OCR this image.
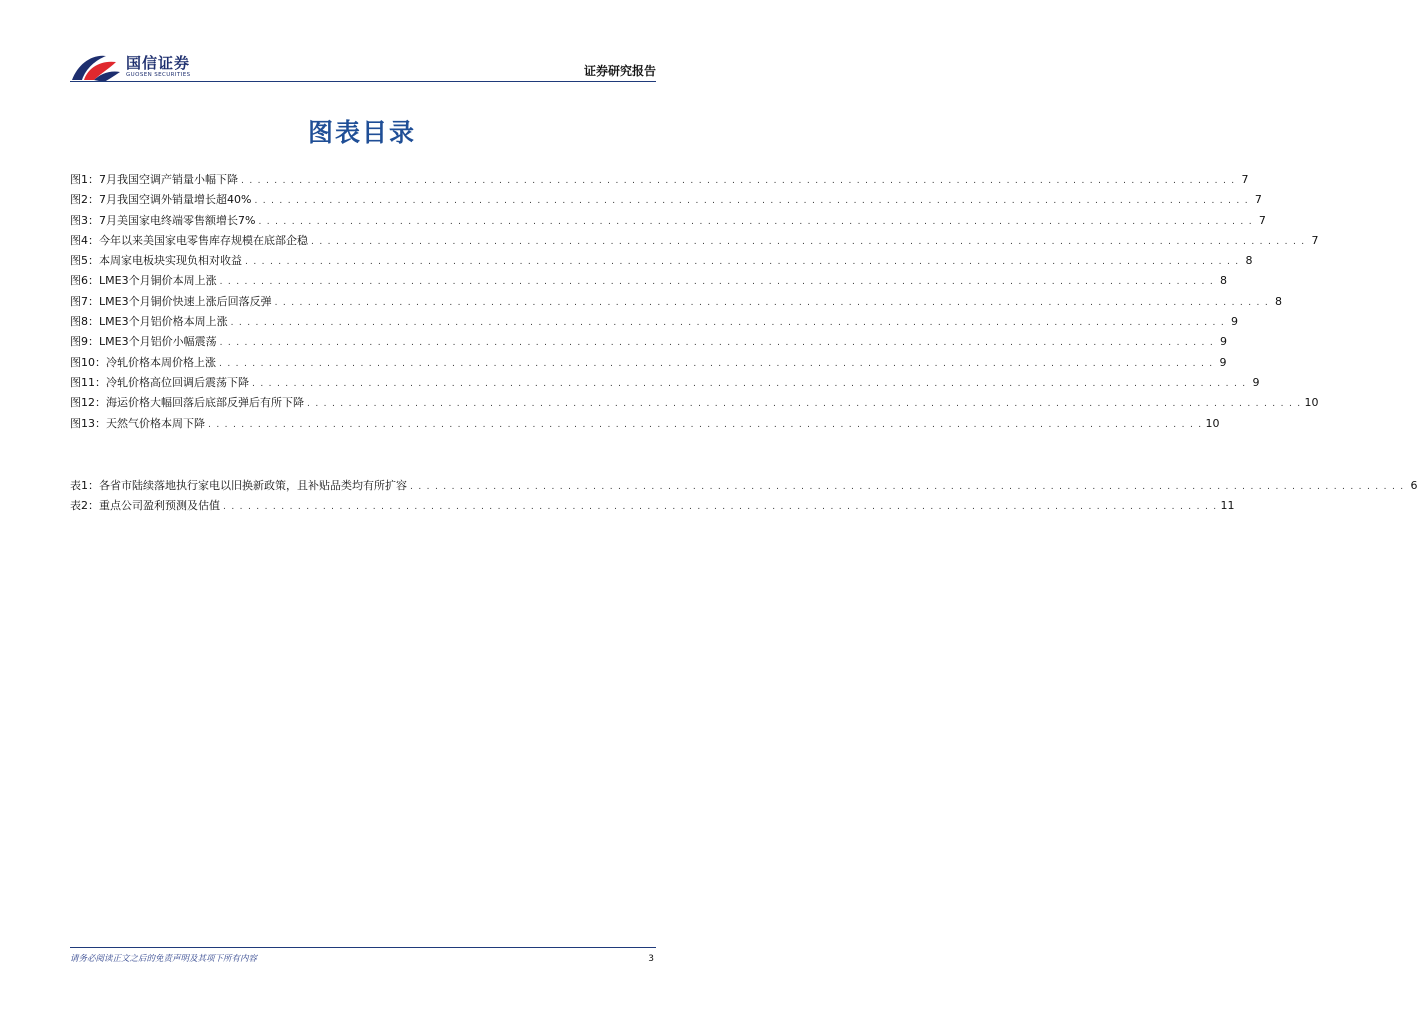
国信证券
GUOSEN SECURITIES	证券研究报告
图表目录
图1： 7月我国空调产销量小幅下降 . . . . . . . . . . . . . . . . . . . . . . . . . . . . . . . . . . . . . . . . . . . . . . . . . . . . . . . . . . . . . . . . . . . . . . . . . . . . . . . . . . . . . . . . . . . . . . . . . . . . . . . . . . . . . . . . . . . . . . . . 7
图2： 7月我国空调外销量增长超40% . . . . . . . . . . . . . . . . . . . . . . . . . . . . . . . . . . . . . . . . . . . . . . . . . . . . . . . . . . . . . . . . . . . . . . . . . . . . . . . . . . . . . . . . . . . . . . . . . . . . . . . . . . . . . . . . . . . . . . . . 7
图3： 7月美国家电终端零售额增长7% . . . . . . . . . . . . . . . . . . . . . . . . . . . . . . . . . . . . . . . . . . . . . . . . . . . . . . . . . . . . . . . . . . . . . . . . . . . . . . . . . . . . . . . . . . . . . . . . . . . . . . . . . . . . . . . . . . . . . . . . 7
图4： 今年以来美国家电零售库存规模在底部企稳 . . . . . . . . . . . . . . . . . . . . . . . . . . . . . . . . . . . . . . . . . . . . . . . . . . . . . . . . . . . . . . . . . . . . . . . . . . . . . . . . . . . . . . . . . . . . . . . . . . . . . . . . . . . . . . . . . . . . . . . . 7
图5： 本周家电板块实现负相对收益 . . . . . . . . . . . . . . . . . . . . . . . . . . . . . . . . . . . . . . . . . . . . . . . . . . . . . . . . . . . . . . . . . . . . . . . . . . . . . . . . . . . . . . . . . . . . . . . . . . . . . . . . . . . . . . . . . . . . . . . . 8
图6： LME3个月铜价本周上涨 . . . . . . . . . . . . . . . . . . . . . . . . . . . . . . . . . . . . . . . . . . . . . . . . . . . . . . . . . . . . . . . . . . . . . . . . . . . . . . . . . . . . . . . . . . . . . . . . . . . . . . . . . . . . . . . . . . . . . . . . 8
图7： LME3个月铜价快速上涨后回落反弹 . . . . . . . . . . . . . . . . . . . . . . . . . . . . . . . . . . . . . . . . . . . . . . . . . . . . . . . . . . . . . . . . . . . . . . . . . . . . . . . . . . . . . . . . . . . . . . . . . . . . . . . . . . . . . . . . . . . . . . . . 8
图8： LME3个月铝价格本周上涨 . . . . . . . . . . . . . . . . . . . . . . . . . . . . . . . . . . . . . . . . . . . . . . . . . . . . . . . . . . . . . . . . . . . . . . . . . . . . . . . . . . . . . . . . . . . . . . . . . . . . . . . . . . . . . . . . . . . . . . . . 9
图9： LME3个月铝价小幅震荡 . . . . . . . . . . . . . . . . . . . . . . . . . . . . . . . . . . . . . . . . . . . . . . . . . . . . . . . . . . . . . . . . . . . . . . . . . . . . . . . . . . . . . . . . . . . . . . . . . . . . . . . . . . . . . . . . . . . . . . . . 9
图10： 冷轧价格本周价格上涨 . . . . . . . . . . . . . . . . . . . . . . . . . . . . . . . . . . . . . . . . . . . . . . . . . . . . . . . . . . . . . . . . . . . . . . . . . . . . . . . . . . . . . . . . . . . . . . . . . . . . . . . . . . . . . . . . . . . . . . . . 9
图11： 冷轧价格高位回调后震荡下降 . . . . . . . . . . . . . . . . . . . . . . . . . . . . . . . . . . . . . . . . . . . . . . . . . . . . . . . . . . . . . . . . . . . . . . . . . . . . . . . . . . . . . . . . . . . . . . . . . . . . . . . . . . . . . . . . . . . . . . . . 9
图12： 海运价格大幅回落后底部反弹后有所下降 . . . . . . . . . . . . . . . . . . . . . . . . . . . . . . . . . . . . . . . . . . . . . . . . . . . . . . . . . . . . . . . . . . . . . . . . . . . . . . . . . . . . . . . . . . . . . . . . . . . . . . . . . . . . . . . . . . . . . . . . 10
图13： 天然气价格本周下降 . . . . . . . . . . . . . . . . . . . . . . . . . . . . . . . . . . . . . . . . . . . . . . . . . . . . . . . . . . . . . . . . . . . . . . . . . . . . . . . . . . . . . . . . . . . . . . . . . . . . . . . . . . . . . . . . . . . . . . . . 10
表1： 各省市陆续落地执行家电以旧换新政策，且补贴品类均有所扩容 . . . . . . . . . . . . . . . . . . . . . . . . . . . . . . . . . . . . . . . . . . . . . . . . . . . . . . . . . . . . . . . . . . . . . . . . . . . . . . . . . . . . . . . . . . . . . . . . . . . . . . . . . . . . . . . . . . . . . . . . 6
表2： 重点公司盈利预测及估值 . . . . . . . . . . . . . . . . . . . . . . . . . . . . . . . . . . . . . . . . . . . . . . . . . . . . . . . . . . . . . . . . . . . . . . . . . . . . . . . . . . . . . . . . . . . . . . . . . . . . . . . . . . . . . . . . . . . . . . . . 11
请务必阅读正文之后的免责声明及其项下所有内容	3
